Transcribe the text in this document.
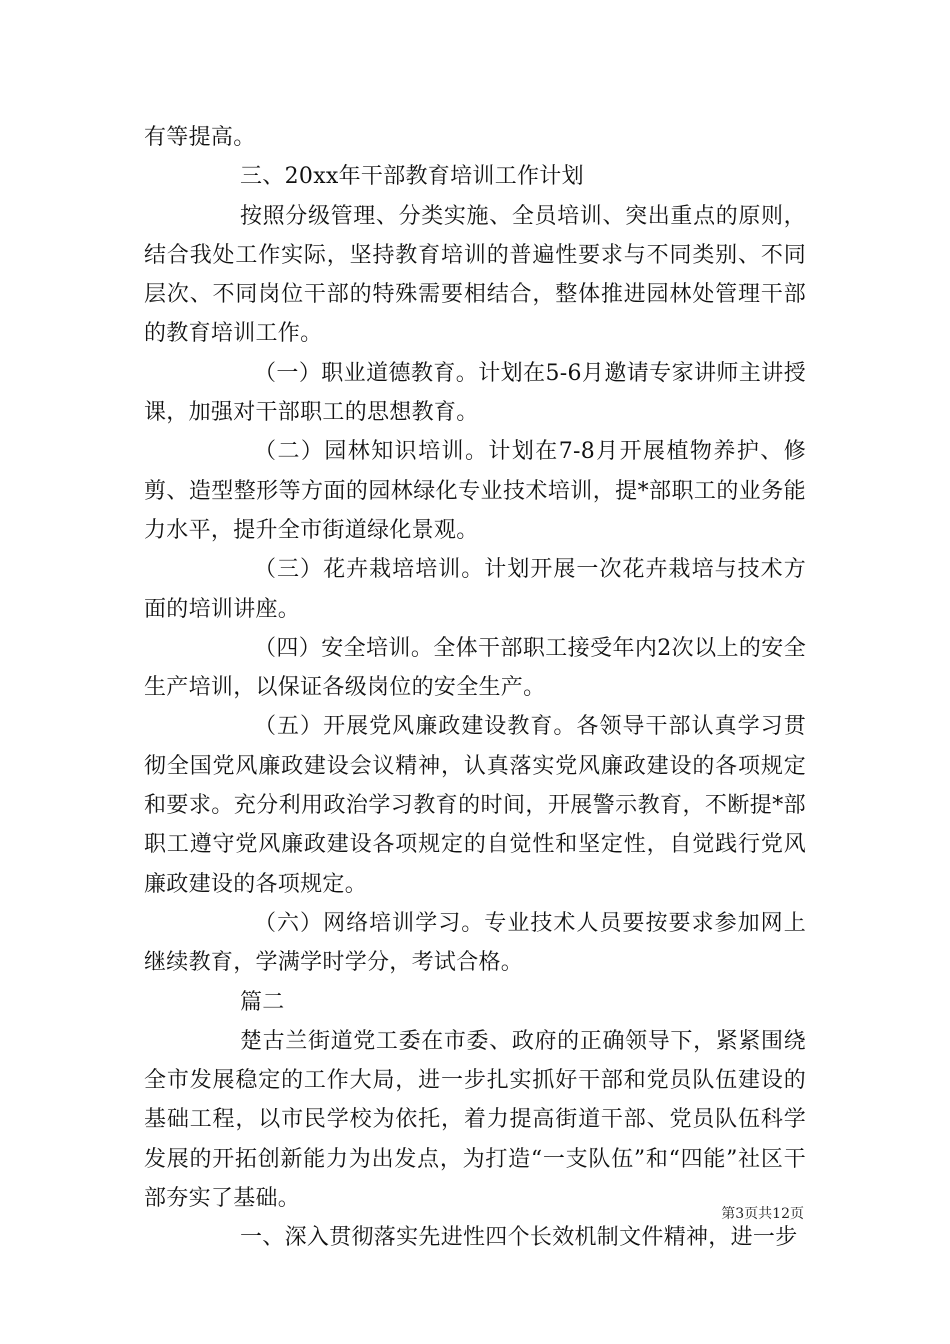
有等提高。

三、20xx年干部教育培训工作计划

按照分级管理、分类实施、全员培训、突出重点的原则，结合我处工作实际，坚持教育培训的普遍性要求与不同类别、不同层次、不同岗位干部的特殊需要相结合，整体推进园林处管理干部的教育培训工作。

（一）职业道德教育。计划在5-6月邀请专家讲师主讲授课，加强对干部职工的思想教育。

（二）园林知识培训。计划在7-8月开展植物养护、修剪、造型整形等方面的园林绿化专业技术培训，提*部职工的业务能力水平，提升全市街道绿化景观。

（三）花卉栽培培训。计划开展一次花卉栽培与技术方面的培训讲座。

（四）安全培训。全体干部职工接受年内2次以上的安全生产培训，以保证各级岗位的安全生产。

（五）开展党风廉政建设教育。各领导干部认真学习贯彻全国党风廉政建设会议精神，认真落实党风廉政建设的各项规定和要求。充分利用政治学习教育的时间，开展警示教育，不断提*部职工遵守党风廉政建设各项规定的自觉性和坚定性，自觉践行党风廉政建设的各项规定。

（六）网络培训学习。专业技术人员要按要求参加网上继续教育，学满学时学分，考试合格。

篇二

楚古兰街道党工委在市委、政府的正确领导下，紧紧围绕全市发展稳定的工作大局，进一步扎实抓好干部和党员队伍建设的基础工程，以市民学校为依托，着力提高街道干部、党员队伍科学发展的开拓创新能力为出发点，为打造“一支队伍”和“四能”社区干部夯实了基础。

一、深入贯彻落实先进性四个长效机制文件精神，进一步

第3页共12页
